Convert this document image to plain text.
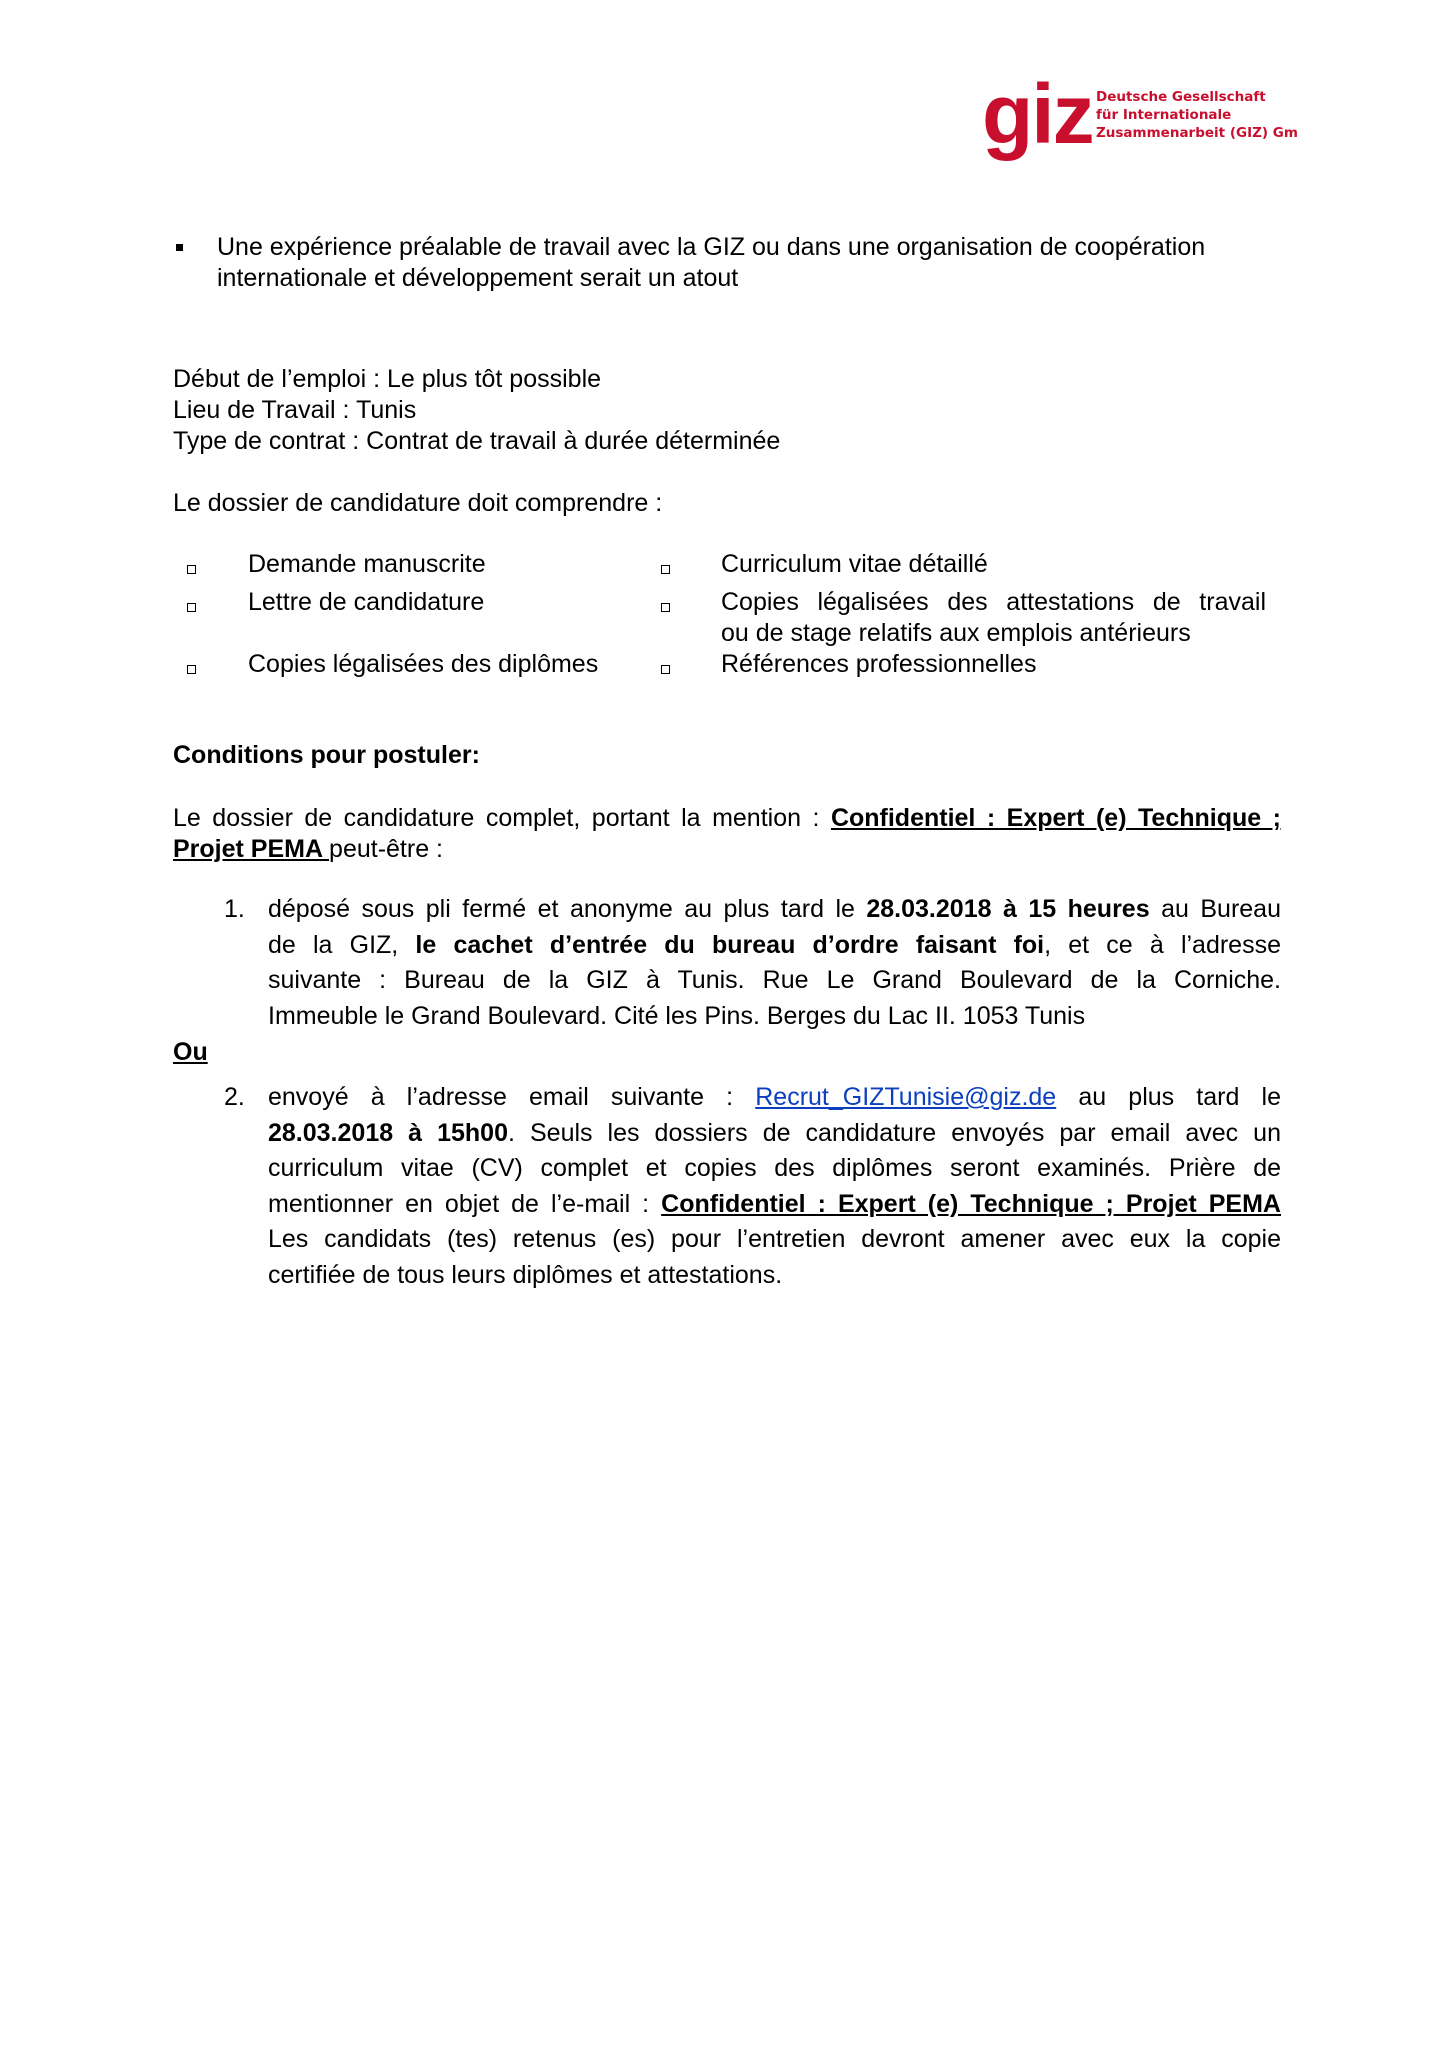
giz Deutsche Gesellschaft
für Internationale
Zusammenarbeit (GIZ) Gm
Une expérience préalable de travail avec la GIZ ou dans une organisation de coopération
internationale et développement serait un atout
Début de l’emploi : Le plus tôt possible
Lieu de Travail : Tunis
Type de contrat : Contrat de travail à durée déterminée
Le dossier de candidature doit comprendre :
Demande manuscrite
Lettre de candidature
Copies légalisées des diplômes
Curriculum vitae détaillé
Copies légalisées des attestations de travail
ou de stage relatifs aux emplois antérieurs
Références professionnelles
Conditions pour postuler:
Le dossier de candidature complet, portant la mention : Confidentiel : Expert (e) Technique ;
Projet PEMA peut-être :
1. déposé sous pli fermé et anonyme au plus tard le 28.03.2018 à 15 heures au Bureau
de la GIZ, le cachet d’entrée du bureau d’ordre faisant foi, et ce à l’adresse
suivante : Bureau de la GIZ à Tunis. Rue Le Grand Boulevard de la Corniche.
Immeuble le Grand Boulevard. Cité les Pins. Berges du Lac II. 1053 Tunis
Ou
2. envoyé à l’adresse email suivante : Recrut_GIZTunisie@giz.de au plus tard le
28.03.2018 à 15h00. Seuls les dossiers de candidature envoyés par email avec un
curriculum vitae (CV) complet et copies des diplômes seront examinés. Prière de
mentionner en objet de l’e-mail : Confidentiel : Expert (e) Technique ; Projet PEMA
Les candidats (tes) retenus (es) pour l’entretien devront amener avec eux la copie
certifiée de tous leurs diplômes et attestations.
